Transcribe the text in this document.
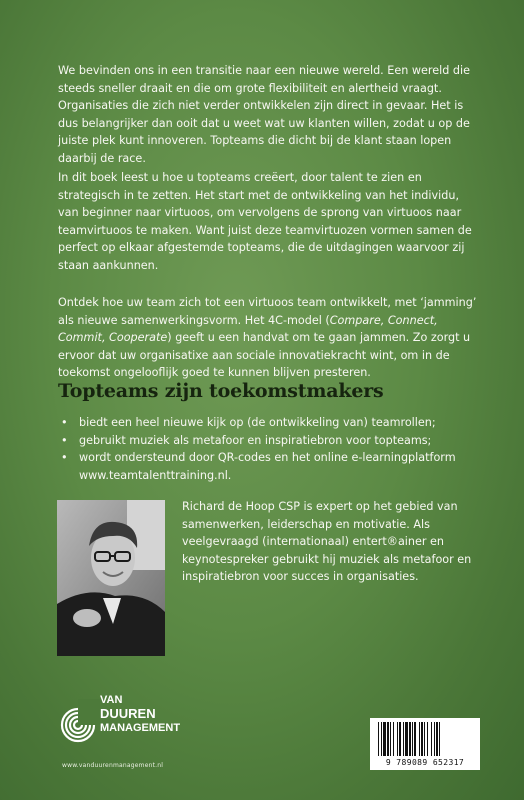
We bevinden ons in een transitie naar een nieuwe wereld. Een wereld die steeds sneller draait en die om grote flexibiliteit en alertheid vraagt. Organisaties die zich niet verder ontwikkelen zijn direct in gevaar. Het is dus belangrijker dan ooit dat u weet wat uw klanten willen, zodat u op de juiste plek kunt innoveren. Topteams die dicht bij de klant staan lopen daarbij de race.

In dit boek leest u hoe u topteams creëert, door talent te zien en strategisch in te zetten. Het start met de ontwikkeling van het individu, van beginner naar virtuoos, om vervolgens de sprong van virtuoos naar teamvirtuoos te maken. Want juist deze teamvirtuozen vormen samen de perfect op elkaar afgestemde topteams, die de uitdagingen waarvoor zij staan aankunnen.

Ontdek hoe uw team zich tot een virtuoos team ontwikkelt, met ‘jamming’ als nieuwe samenwerkingsvorm. Het 4C-model (Compare, Connect, Commit, Cooperate) geeft u een handvat om te gaan jammen. Zo zorgt u ervoor dat uw organisatixe aan sociale innovatiekracht wint, om in de toekomst ongelooflijk goed te kunnen blijven presteren.

Topteams zijn toekomstmakers
• biedt een heel nieuwe kijk op (de ontwikkeling van) teamrollen;
• gebruikt muziek als metafoor en inspiratiebron voor topteams;
• wordt ondersteund door QR-codes en het online e-learningplatform www.teamtalenttraining.nl.
Richard de Hoop CSP is expert op het gebied van samenwerken, leiderschap en motivatie. Als veelgevraagd (internationaal) entert®ainer en keynotespreker gebruikt hij muziek als metafoor en inspiratiebron voor succes in organisaties.
VAN
DUUREN
MANAGEMENT
www.vanduurenmanagement.nl	9 789089 652317
